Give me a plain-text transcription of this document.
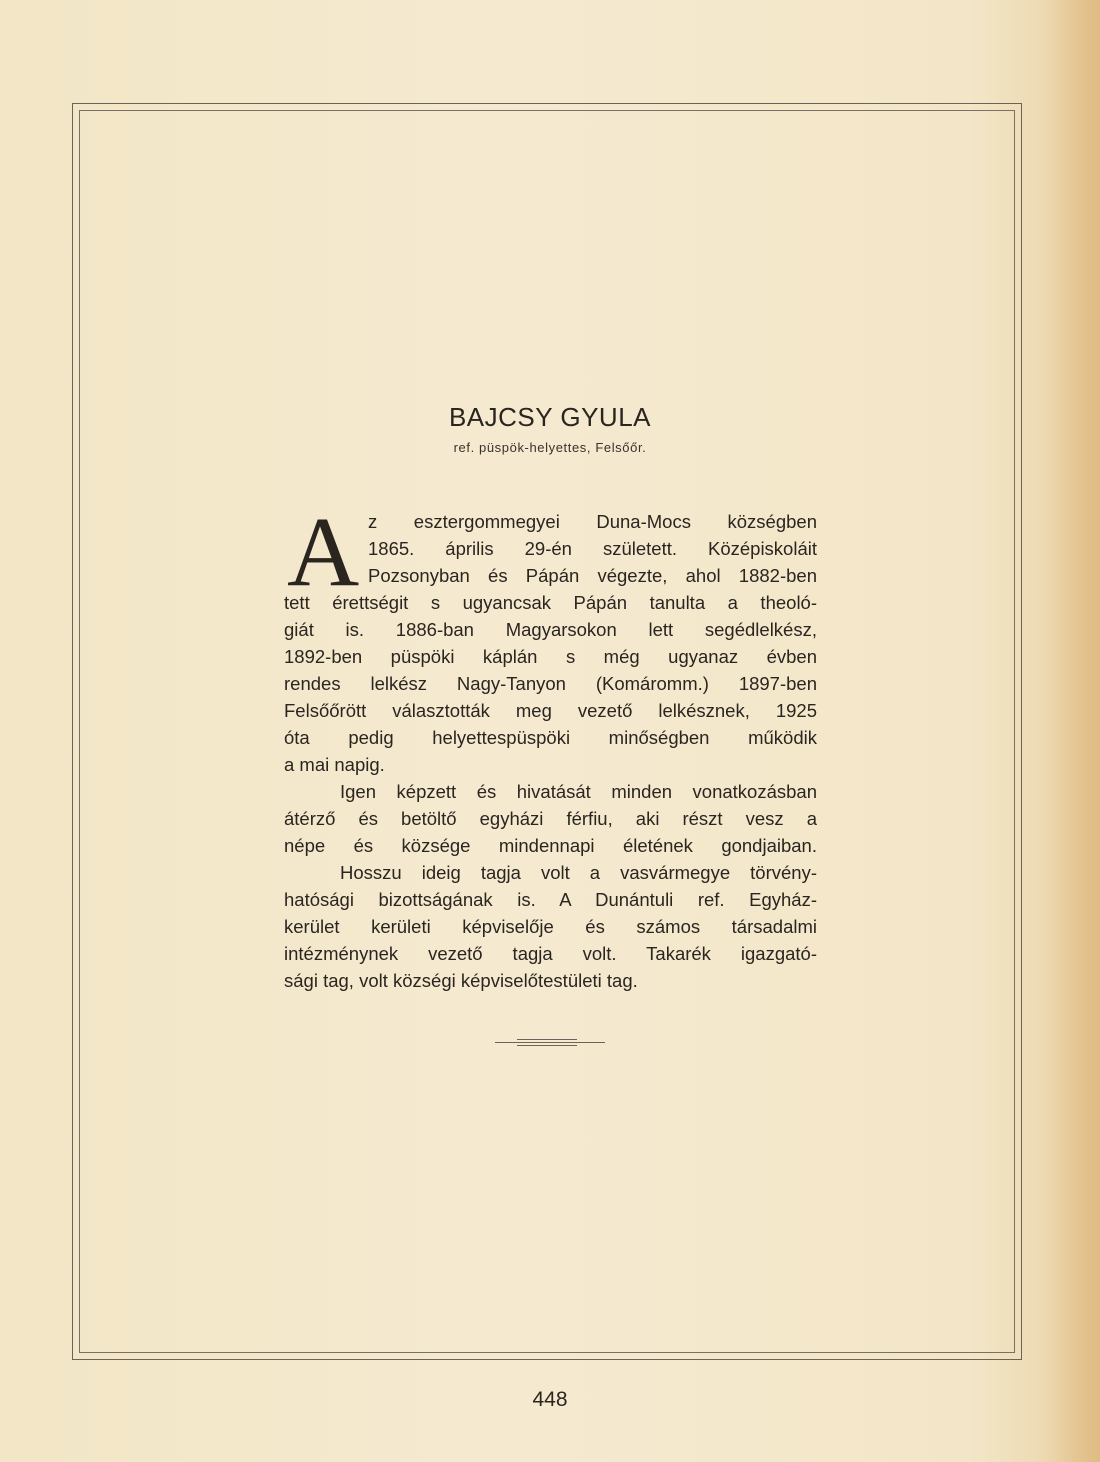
BAJCSY GYULA
ref. püspök-helyettes, Felsőőr.
A z esztergommegyei Duna-Mocs községben
1865. április 29-én született. Középiskoláit
Pozsonyban és Pápán végezte, ahol 1882-ben
tett érettségit s ugyancsak Pápán tanulta a theoló-
giát is. 1886-ban Magyarsokon lett segédlelkész,
1892-ben püspöki káplán s még ugyanaz évben
rendes lelkész Nagy-Tanyon (Komáromm.) 1897-ben
Felsőőrött választották meg vezető lelkésznek, 1925
óta pedig helyettespüspöki minőségben működik
a mai napig.
Igen képzett és hivatását minden vonatkozásban
átérző és betöltő egyházi férfiu, aki részt vesz a
népe és községe mindennapi életének gondjaiban.
Hosszu ideig tagja volt a vasvármegye törvény-
hatósági bizottságának is. A Dunántuli ref. Egyház-
kerület kerületi képviselője és számos társadalmi
intézménynek vezető tagja volt. Takarék igazgató-
sági tag, volt községi képviselőtestületi tag.
448
